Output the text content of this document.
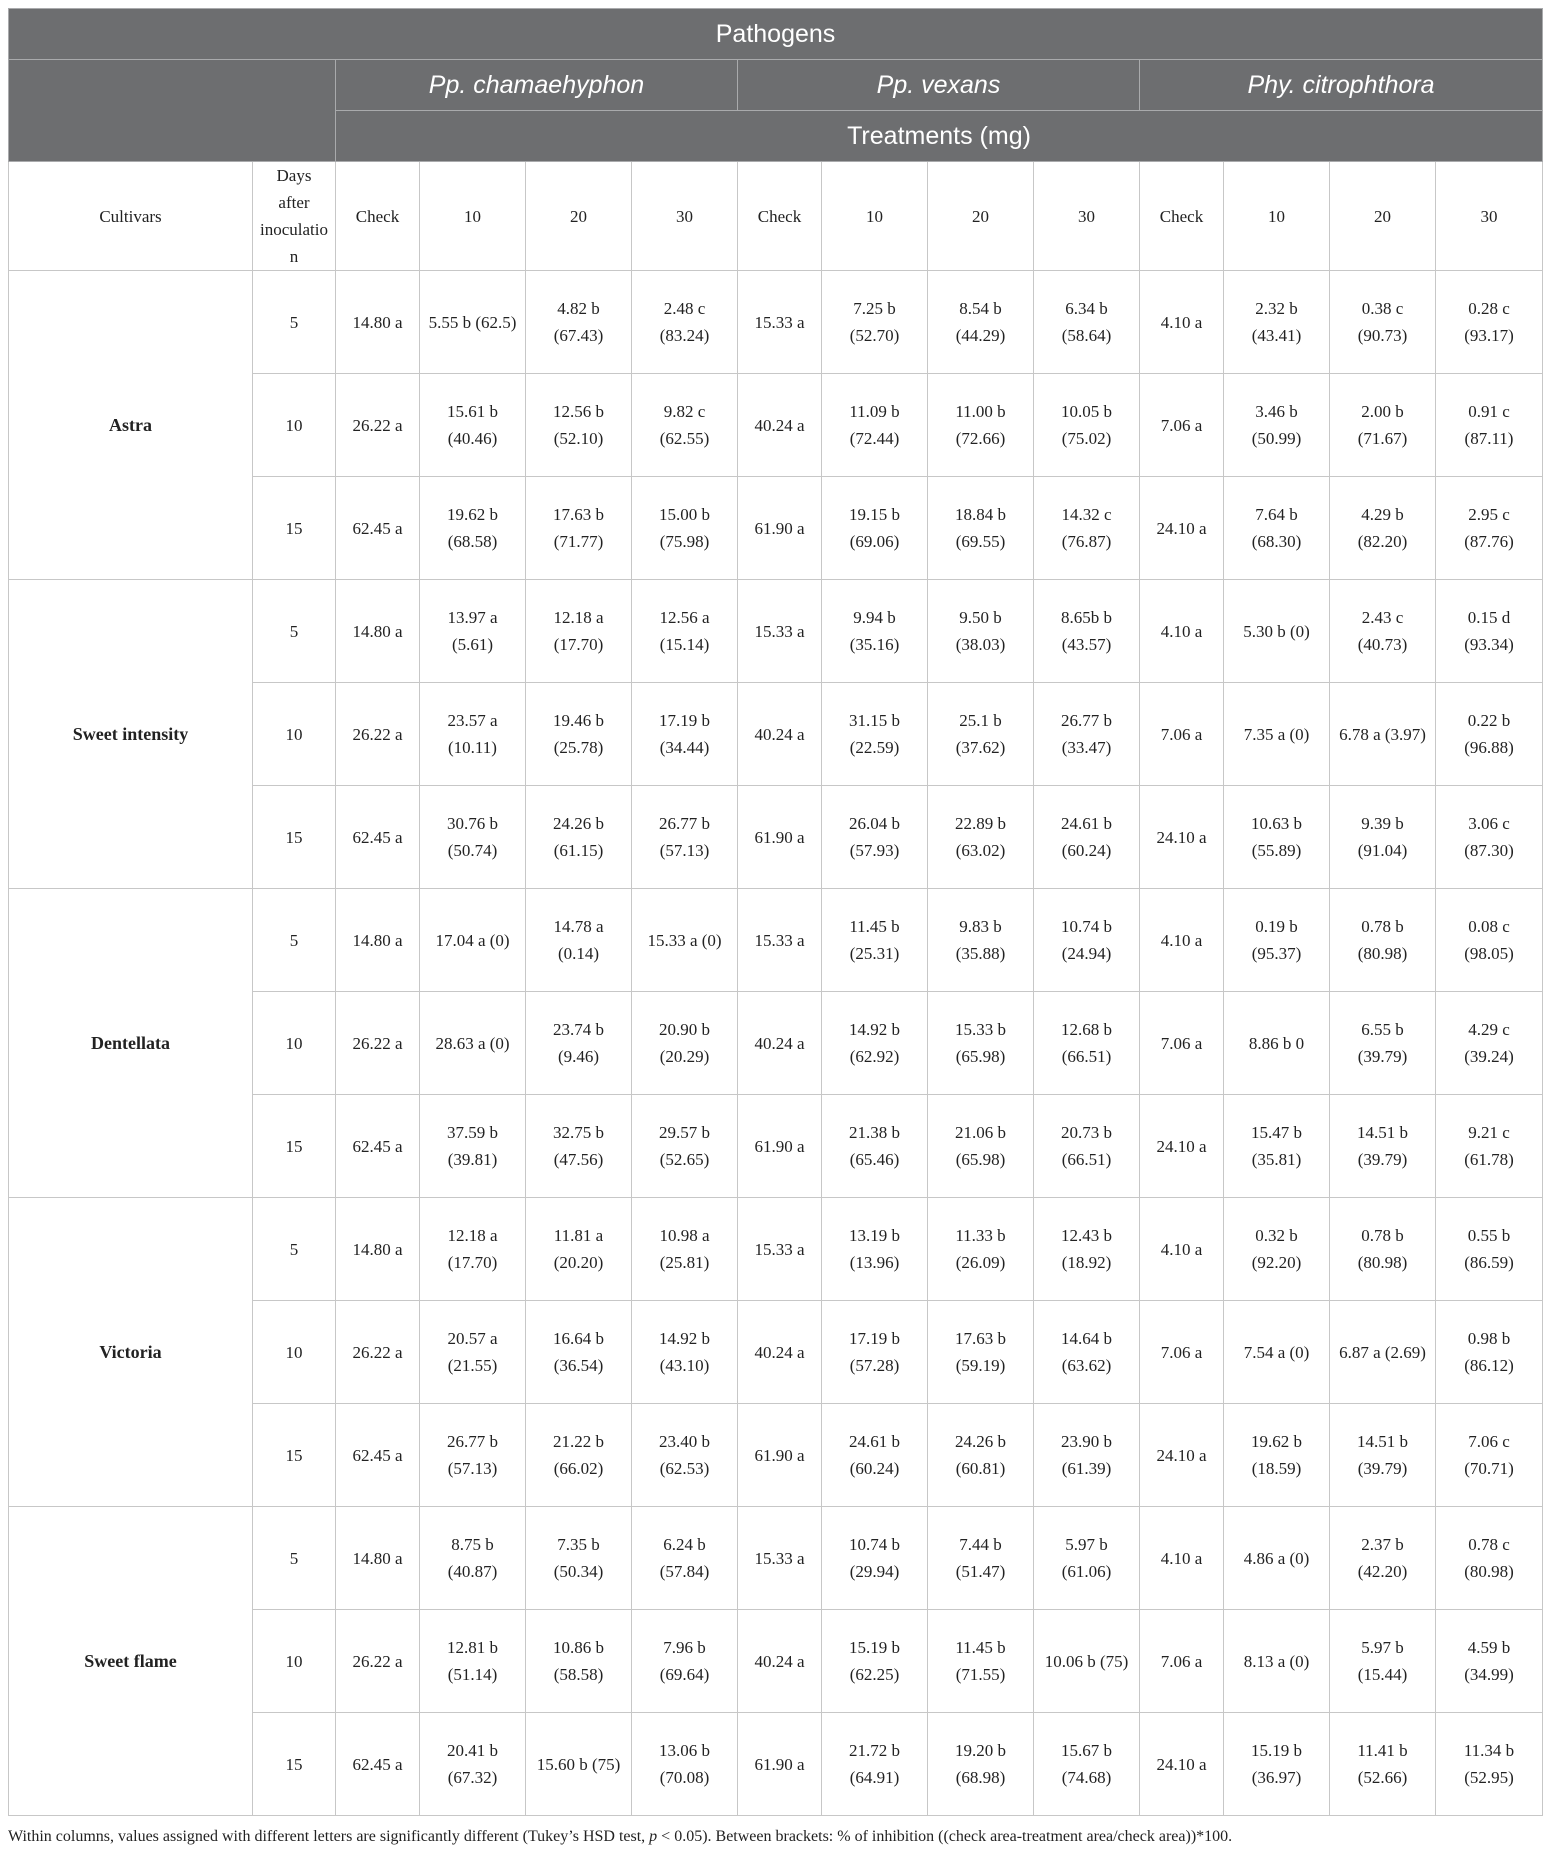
Pathogens													
		Pp. chamaehyphon				Pp. vexans				Phy. citrophthora			
		Treatments (mg)											
Cultivars	Days after inoculation	Check	10	20	30	Check	10	20	30	Check	10	20	30
Astra	5	14.80 a	5.55 b (62.5)	4.82 b (67.43)	2.48 c (83.24)	15.33 a	7.25 b (52.70)	8.54 b (44.29)	6.34 b (58.64)	4.10 a	2.32 b (43.41)	0.38 c (90.73)	0.28 c (93.17)
	10	26.22 a	15.61 b (40.46)	12.56 b (52.10)	9.82 c (62.55)	40.24 a	11.09 b (72.44)	11.00 b (72.66)	10.05 b (75.02)	7.06 a	3.46 b (50.99)	2.00 b (71.67)	0.91 c (87.11)
	15	62.45 a	19.62 b (68.58)	17.63 b (71.77)	15.00 b (75.98)	61.90 a	19.15 b (69.06)	18.84 b (69.55)	14.32 c (76.87)	24.10 a	7.64 b (68.30)	4.29 b (82.20)	2.95 c (87.76)
Sweet intensity	5	14.80 a	13.97 a (5.61)	12.18 a (17.70)	12.56 a (15.14)	15.33 a	9.94 b (35.16)	9.50 b (38.03)	8.65b b (43.57)	4.10 a	5.30 b (0)	2.43 c (40.73)	0.15 d (93.34)
	10	26.22 a	23.57 a (10.11)	19.46 b (25.78)	17.19 b (34.44)	40.24 a	31.15 b (22.59)	25.1 b (37.62)	26.77 b (33.47)	7.06 a	7.35 a (0)	6.78 a (3.97)	0.22 b (96.88)
	15	62.45 a	30.76 b (50.74)	24.26 b (61.15)	26.77 b (57.13)	61.90 a	26.04 b (57.93)	22.89 b (63.02)	24.61 b (60.24)	24.10 a	10.63 b (55.89)	9.39 b (91.04)	3.06 c (87.30)
Dentellata	5	14.80 a	17.04 a (0)	14.78 a (0.14)	15.33 a (0)	15.33 a	11.45 b (25.31)	9.83 b (35.88)	10.74 b (24.94)	4.10 a	0.19 b (95.37)	0.78 b (80.98)	0.08 c (98.05)
	10	26.22 a	28.63 a (0)	23.74 b (9.46)	20.90 b (20.29)	40.24 a	14.92 b (62.92)	15.33 b (65.98)	12.68 b (66.51)	7.06 a	8.86 b 0	6.55 b (39.79)	4.29 c (39.24)
	15	62.45 a	37.59 b (39.81)	32.75 b (47.56)	29.57 b (52.65)	61.90 a	21.38 b (65.46)	21.06 b (65.98)	20.73 b (66.51)	24.10 a	15.47 b (35.81)	14.51 b (39.79)	9.21 c (61.78)
Victoria	5	14.80 a	12.18 a (17.70)	11.81 a (20.20)	10.98 a (25.81)	15.33 a	13.19 b (13.96)	11.33 b (26.09)	12.43 b (18.92)	4.10 a	0.32 b (92.20)	0.78 b (80.98)	0.55 b (86.59)
	10	26.22 a	20.57 a (21.55)	16.64 b (36.54)	14.92 b (43.10)	40.24 a	17.19 b (57.28)	17.63 b (59.19)	14.64 b (63.62)	7.06 a	7.54 a (0)	6.87 a (2.69)	0.98 b (86.12)
	15	62.45 a	26.77 b (57.13)	21.22 b (66.02)	23.40 b (62.53)	61.90 a	24.61 b (60.24)	24.26 b (60.81)	23.90 b (61.39)	24.10 a	19.62 b (18.59)	14.51 b (39.79)	7.06 c (70.71)
Sweet flame	5	14.80 a	8.75 b (40.87)	7.35 b (50.34)	6.24 b (57.84)	15.33 a	10.74 b (29.94)	7.44 b (51.47)	5.97 b (61.06)	4.10 a	4.86 a (0)	2.37 b (42.20)	0.78 c (80.98)
	10	26.22 a	12.81 b (51.14)	10.86 b (58.58)	7.96 b (69.64)	40.24 a	15.19 b (62.25)	11.45 b (71.55)	10.06 b (75)	7.06 a	8.13 a (0)	5.97 b (15.44)	4.59 b (34.99)
	15	62.45 a	20.41 b (67.32)	15.60 b (75)	13.06 b (70.08)	61.90 a	21.72 b (64.91)	19.20 b (68.98)	15.67 b (74.68)	24.10 a	15.19 b (36.97)	11.41 b (52.66)	11.34 b (52.95)
Within columns, values assigned with different letters are significantly different (Tukey’s HSD test, p < 0.05). Between brackets: % of inhibition ((check area-treatment area/check area))*100.
